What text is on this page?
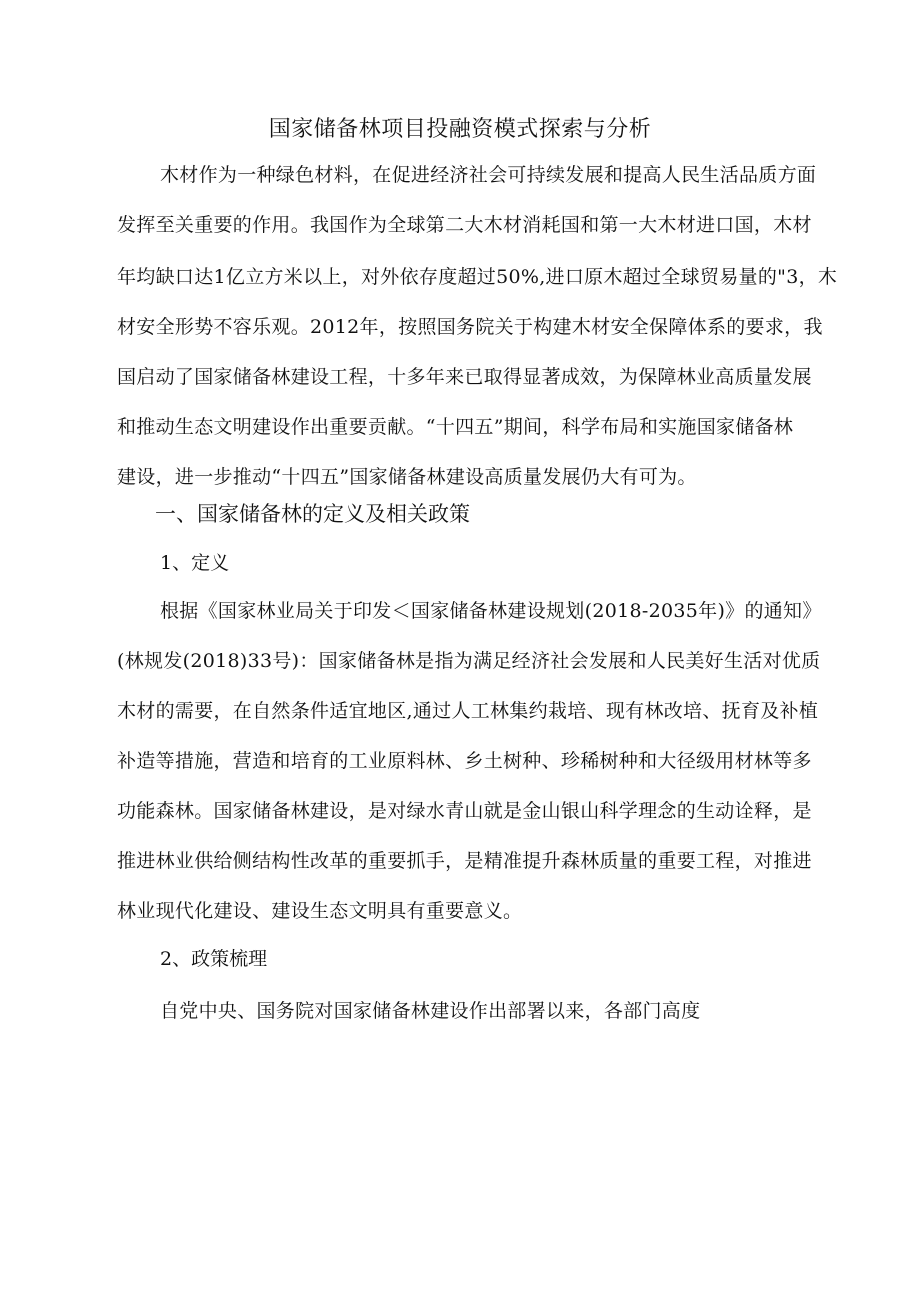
国家储备林项目投融资模式探索与分析
木材作为一种绿色材料，在促进经济社会可持续发展和提高人民生活品质方面
发挥至关重要的作用。我国作为全球第二大木材消耗国和第一大木材进口国，木材
年均缺口达1亿立方米以上，对外依存度超过50%,进口原木超过全球贸易量的"3，木
材安全形势不容乐观。2012年，按照国务院关于构建木材安全保障体系的要求，我
国启动了国家储备林建设工程，十多年来已取得显著成效，为保障林业高质量发展
和推动生态文明建设作出重要贡献。“十四五”期间，科学布局和实施国家储备林
建设，进一步推动“十四五”国家储备林建设高质量发展仍大有可为。
一、国家储备林的定义及相关政策
1、定义
根据《国家林业局关于印发＜国家储备林建设规划(2018-2035年)》的通知》
(林规发(2018)33号)：国家储备林是指为满足经济社会发展和人民美好生活对优质
木材的需要，在自然条件适宜地区,通过人工林集约栽培、现有林改培、抚育及补植
补造等措施，营造和培育的工业原料林、乡土树种、珍稀树种和大径级用材林等多
功能森林。国家储备林建设，是对绿水青山就是金山银山科学理念的生动诠释，是
推进林业供给侧结构性改革的重要抓手，是精准提升森林质量的重要工程，对推进
林业现代化建设、建设生态文明具有重要意义。
2、政策梳理
自党中央、国务院对国家储备林建设作出部署以来，各部门高度
